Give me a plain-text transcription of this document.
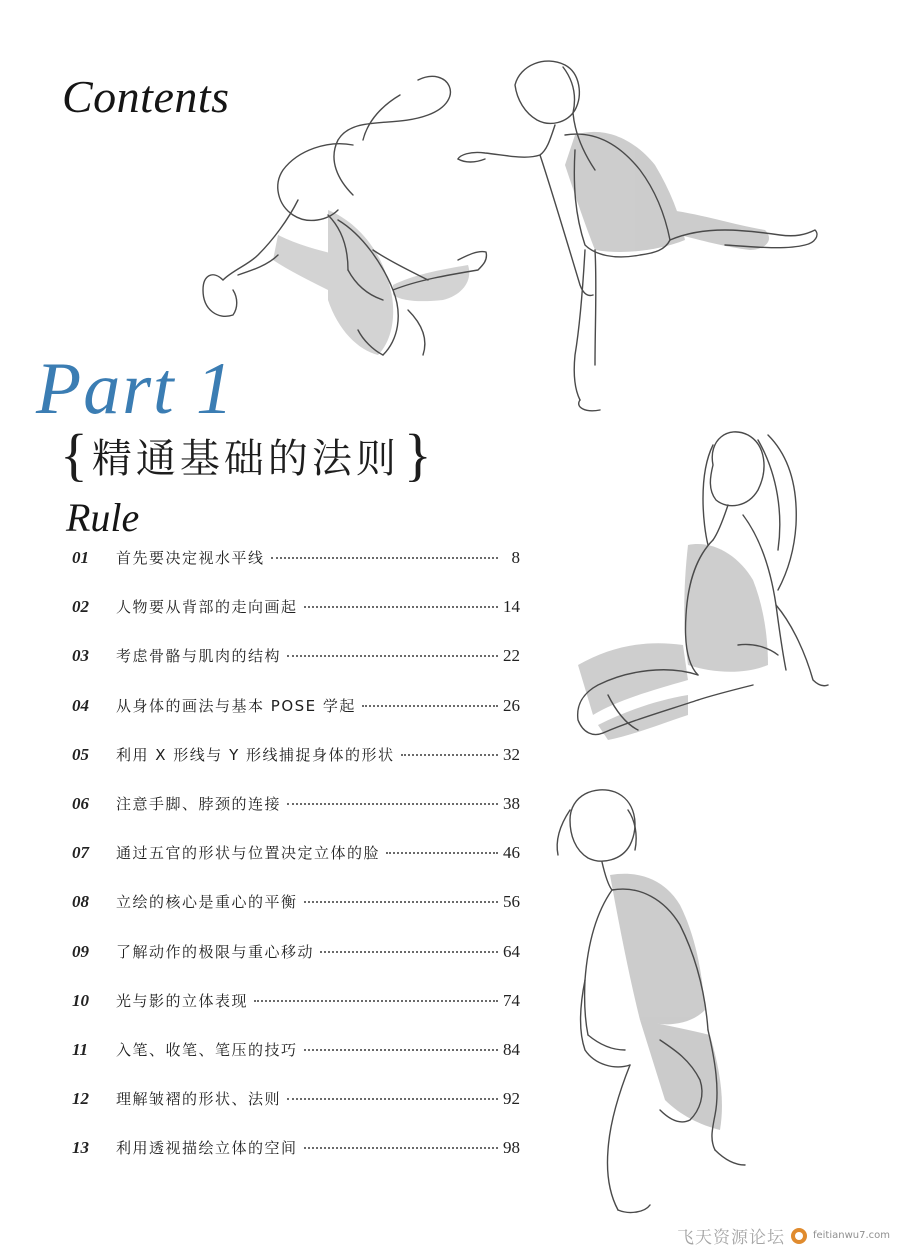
Contents
Part 1
{ 精通基础的法则 }
Rule
01	首先要决定视水平线	8
02	人物要从背部的走向画起	14
03	考虑骨骼与肌肉的结构	22
04	从身体的画法与基本 POSE 学起	26
05	利用 X 形线与 Y 形线捕捉身体的形状	32
06	注意手脚、脖颈的连接	38
07	通过五官的形状与位置决定立体的脸	46
08	立绘的核心是重心的平衡	56
09	了解动作的极限与重心移动	64
10	光与影的立体表现	74
11	入笔、收笔、笔压的技巧	84
12	理解皱褶的形状、法则	92
13	利用透视描绘立体的空间	98
飞天资源论坛	feitianwu7.com
